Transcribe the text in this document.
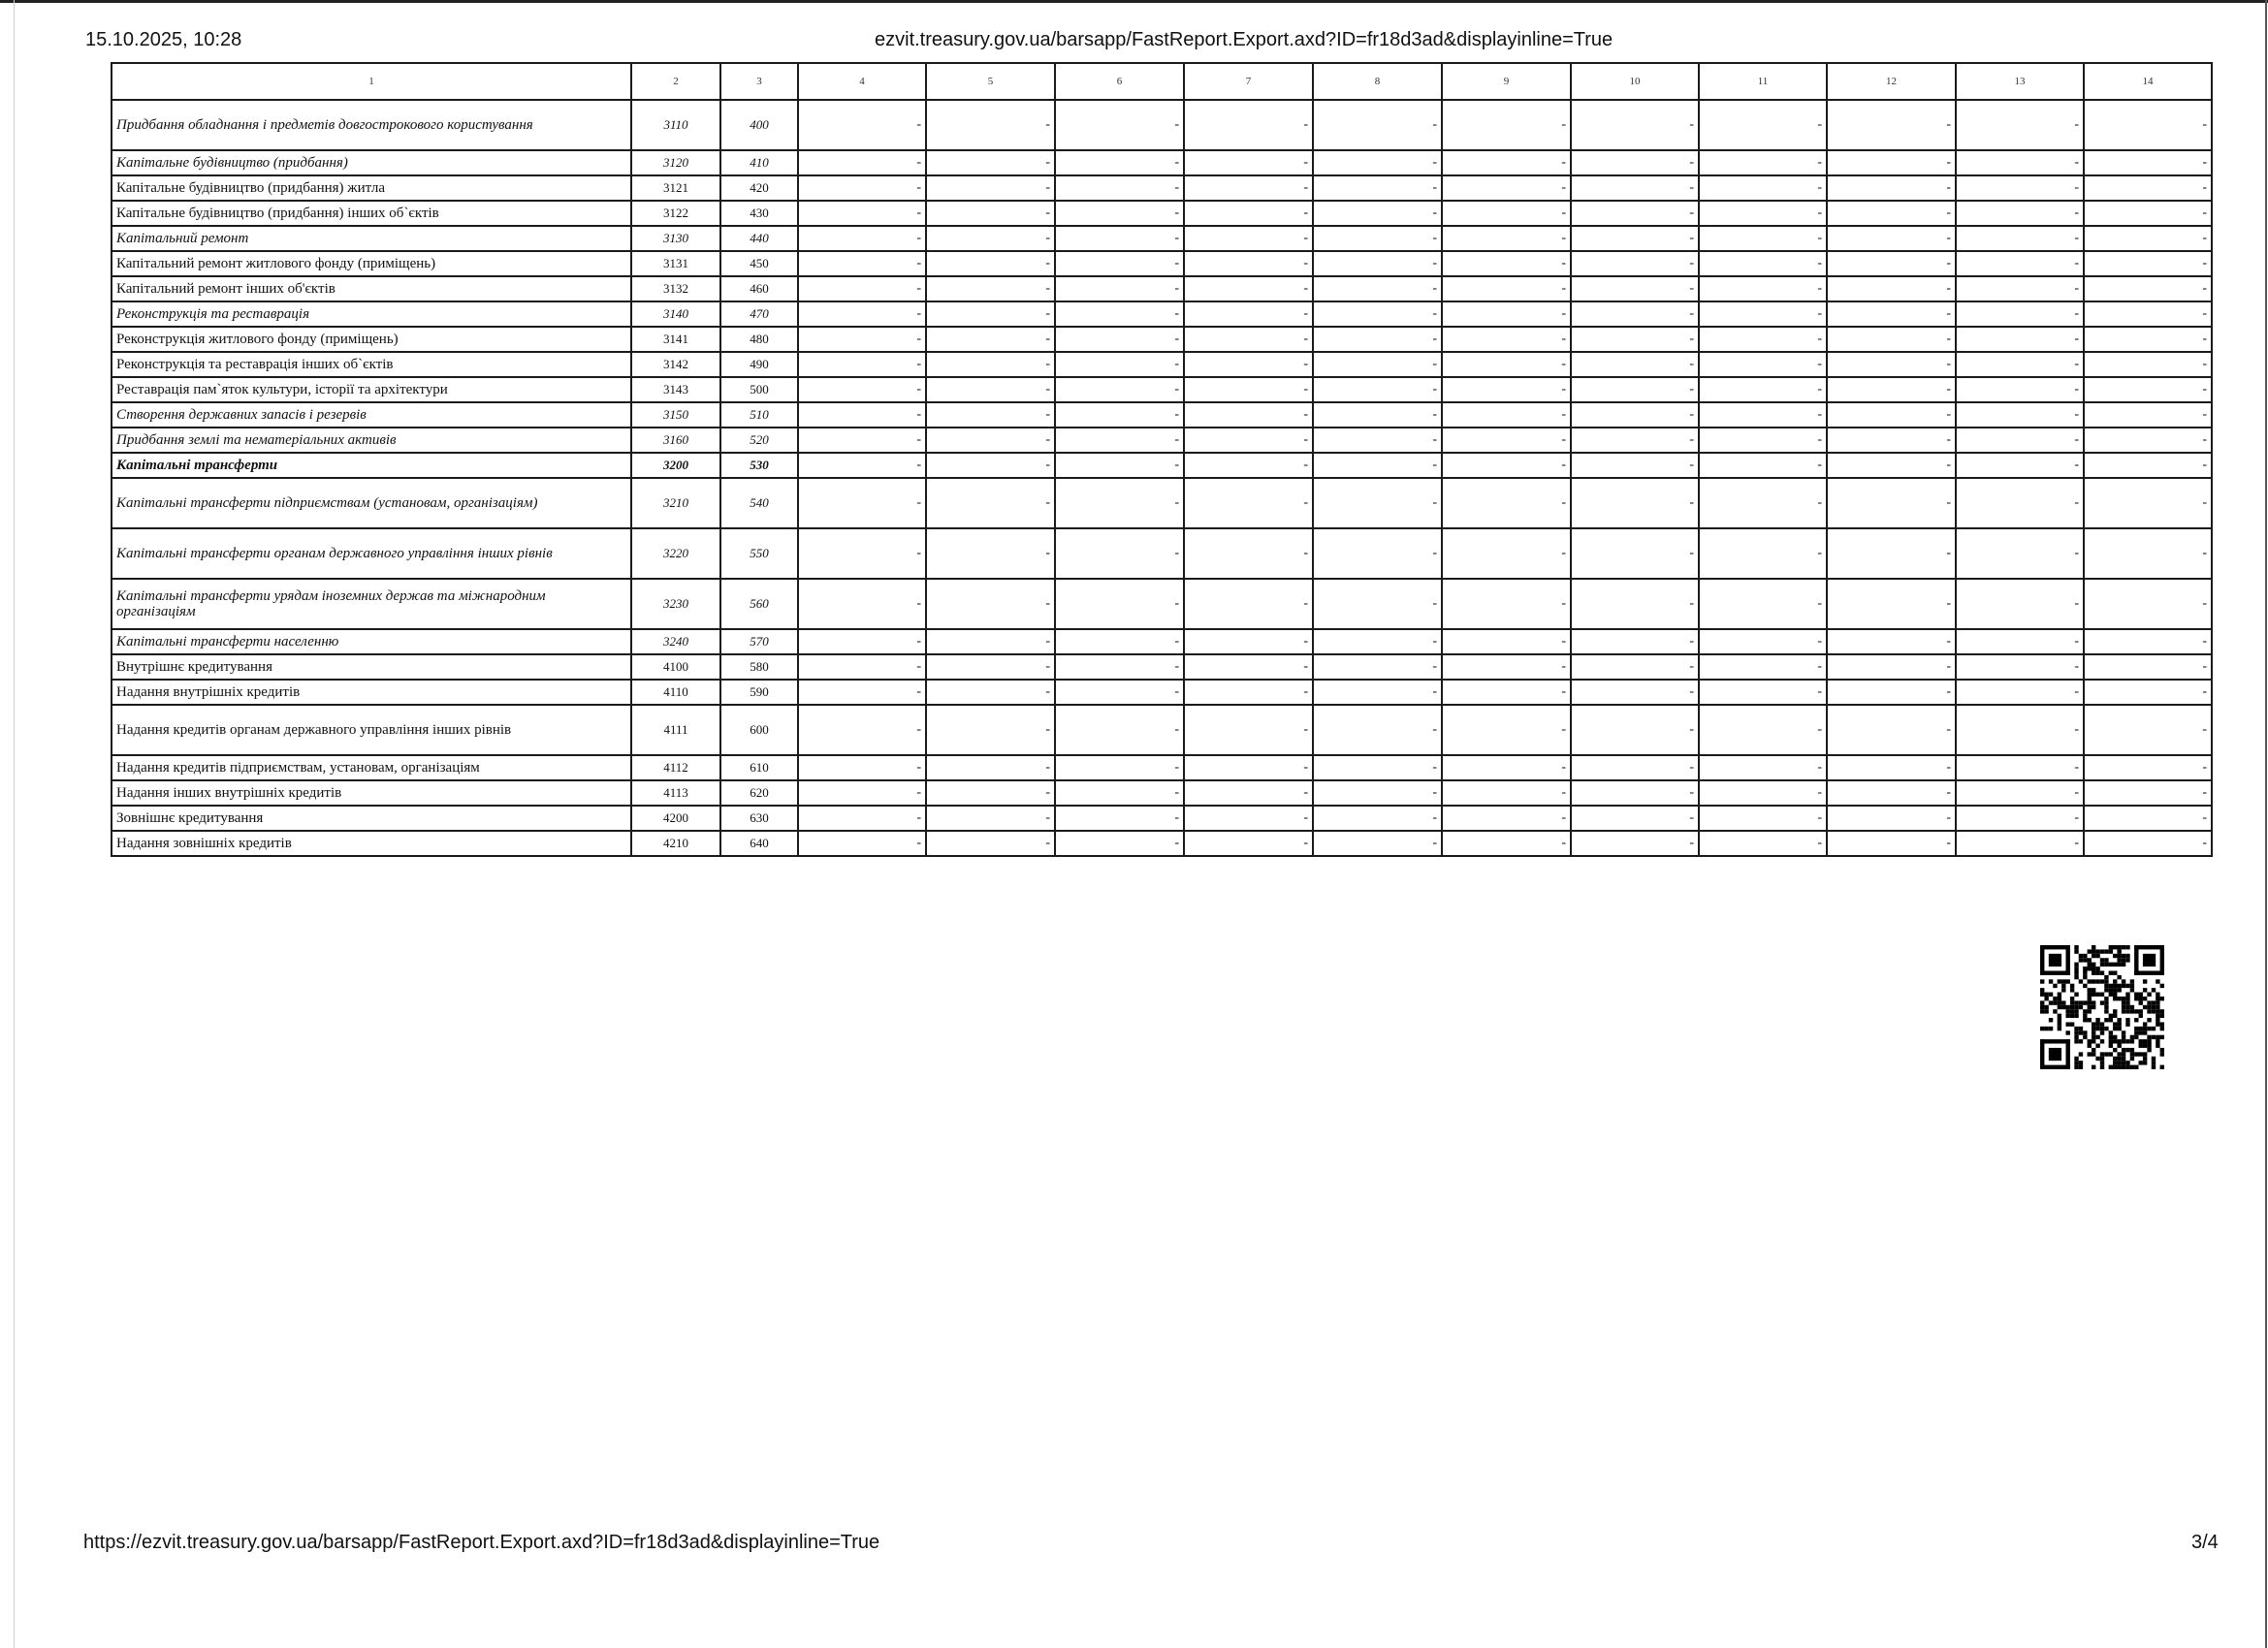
15.10.2025, 10:28	ezvit.treasury.gov.ua/barsapp/FastReport.Export.axd?ID=fr18d3ad&displayinline=True
1	2	3	4	5	6	7	8	9	10	11	12	13	14
Придбання обладнання і предметів довгострокового користування	3110	400	-	-	-	-	-	-	-	-	-	-	-
Капітальне будівництво (придбання)	3120	410	-	-	-	-	-	-	-	-	-	-	-
Капітальне будівництво (придбання) житла	3121	420	-	-	-	-	-	-	-	-	-	-	-
Капітальне будівництво (придбання) інших об`єктів	3122	430	-	-	-	-	-	-	-	-	-	-	-
Капітальний ремонт	3130	440	-	-	-	-	-	-	-	-	-	-	-
Капітальний ремонт житлового фонду (приміщень)	3131	450	-	-	-	-	-	-	-	-	-	-	-
Капітальний ремонт інших об'єктів	3132	460	-	-	-	-	-	-	-	-	-	-	-
Реконструкція та реставрація	3140	470	-	-	-	-	-	-	-	-	-	-	-
Реконструкція житлового фонду (приміщень)	3141	480	-	-	-	-	-	-	-	-	-	-	-
Реконструкція та реставрація інших об`єктів	3142	490	-	-	-	-	-	-	-	-	-	-	-
Реставрація пам`яток культури, історії та архітектури	3143	500	-	-	-	-	-	-	-	-	-	-	-
Створення державних запасів і резервів	3150	510	-	-	-	-	-	-	-	-	-	-	-
Придбання землі та нематеріальних активів	3160	520	-	-	-	-	-	-	-	-	-	-	-
Капітальні трансферти	3200	530	-	-	-	-	-	-	-	-	-	-	-
Капітальні трансферти підприємствам (установам, організаціям)	3210	540	-	-	-	-	-	-	-	-	-	-	-
Капітальні трансферти органам державного управління інших рівнів	3220	550	-	-	-	-	-	-	-	-	-	-	-
Капітальні трансферти урядам іноземних держав та міжнародним організаціям	3230	560	-	-	-	-	-	-	-	-	-	-	-
Капітальні трансферти населенню	3240	570	-	-	-	-	-	-	-	-	-	-	-
Внутрішнє кредитування	4100	580	-	-	-	-	-	-	-	-	-	-	-
Надання внутрішніх кредитів	4110	590	-	-	-	-	-	-	-	-	-	-	-
Надання кредитів органам державного управління інших рівнів	4111	600	-	-	-	-	-	-	-	-	-	-	-
Надання кредитів підприємствам, установам, організаціям	4112	610	-	-	-	-	-	-	-	-	-	-	-
Надання інших внутрішніх кредитів	4113	620	-	-	-	-	-	-	-	-	-	-	-
Зовнішнє кредитування	4200	630	-	-	-	-	-	-	-	-	-	-	-
Надання зовнішніх кредитів	4210	640	-	-	-	-	-	-	-	-	-	-	-
https://ezvit.treasury.gov.ua/barsapp/FastReport.Export.axd?ID=fr18d3ad&displayinline=True	3/4
